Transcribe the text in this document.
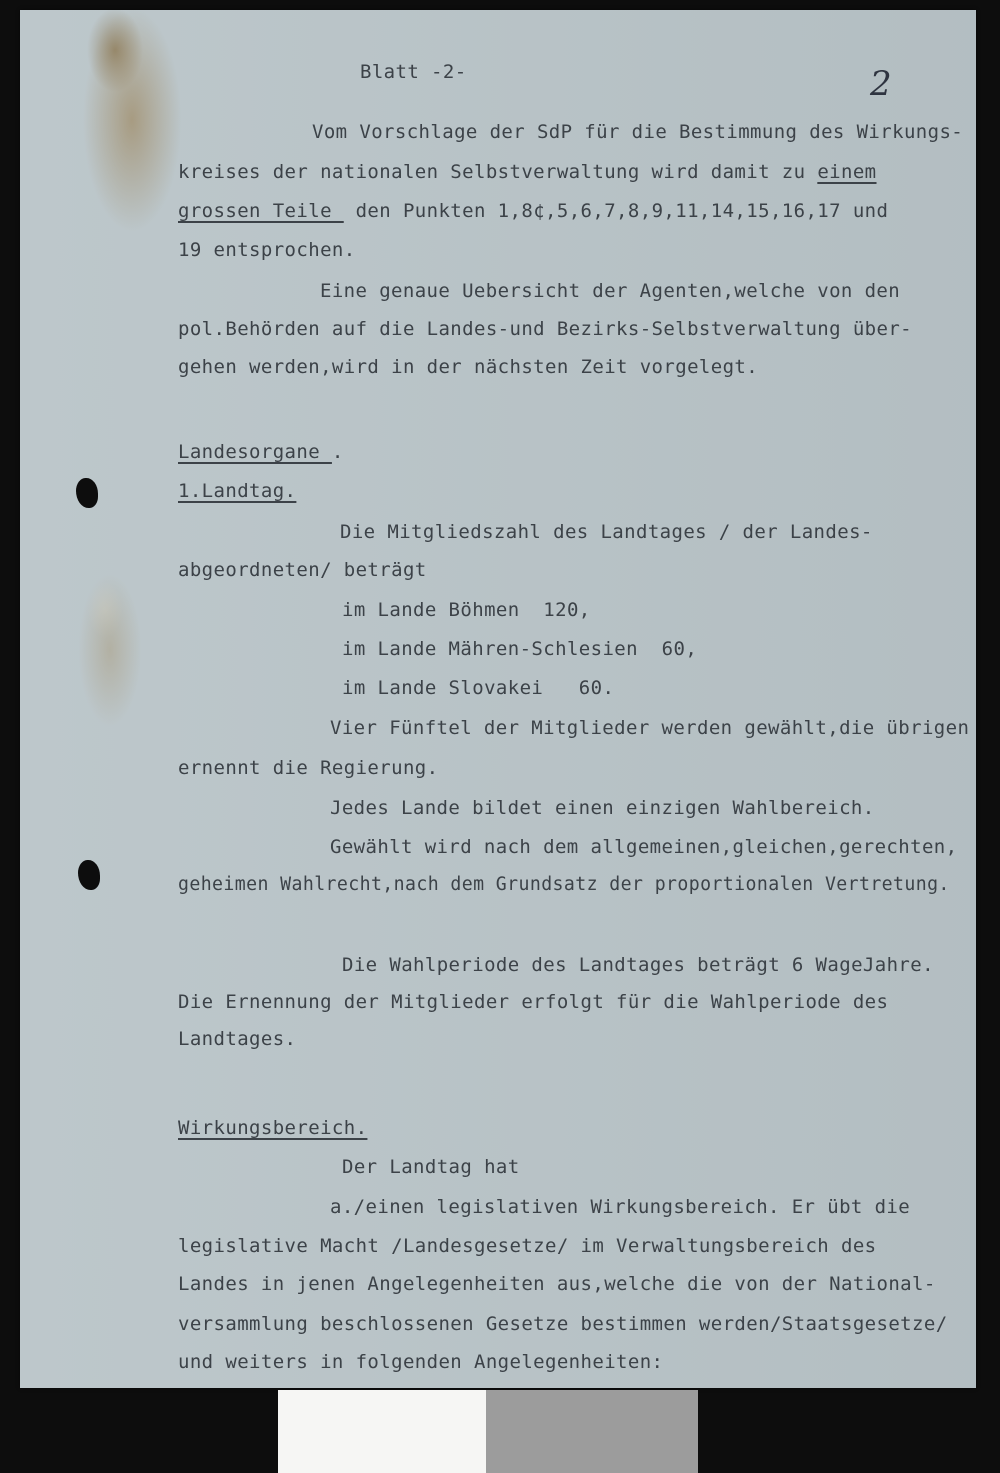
2
Blatt -2-
Vom Vorschlage der SdP für die Bestimmung des Wirkungs-
kreises der nationalen Selbstverwaltung wird damit zu einem
grossen Teile  den Punkten 1,8¢,5,6,7,8,9,11,14,15,16,17 und
19 entsprochen.
Eine genaue Uebersicht der Agenten,welche von den
pol.Behörden auf die Landes-und Bezirks-Selbstverwaltung über-
gehen werden,wird in der nächsten Zeit vorgelegt.
Landesorgane .
1.Landtag.
Die Mitgliedszahl des Landtages / der Landes-
abgeordneten/ beträgt
im Lande Böhmen  120,
im Lande Mähren-Schlesien  60,
im Lande Slovakei   60.
Vier Fünftel der Mitglieder werden gewählt,die übrigen
ernennt die Regierung.
Jedes Lande bildet einen einzigen Wahlbereich.
Gewählt wird nach dem allgemeinen,gleichen,gerechten,
geheimen Wahlrecht,nach dem Grundsatz der proportionalen Vertretung.
Die Wahlperiode des Landtages beträgt 6 WageJahre.
Die Ernennung der Mitglieder erfolgt für die Wahlperiode des
Landtages.
Wirkungsbereich.
Der Landtag hat
a./einen legislativen Wirkungsbereich. Er übt die
legislative Macht /Landesgesetze/ im Verwaltungsbereich des
Landes in jenen Angelegenheiten aus,welche die von der National-
versammlung beschlossenen Gesetze bestimmen werden/Staatsgesetze/
und weiters in folgenden Angelegenheiten:
